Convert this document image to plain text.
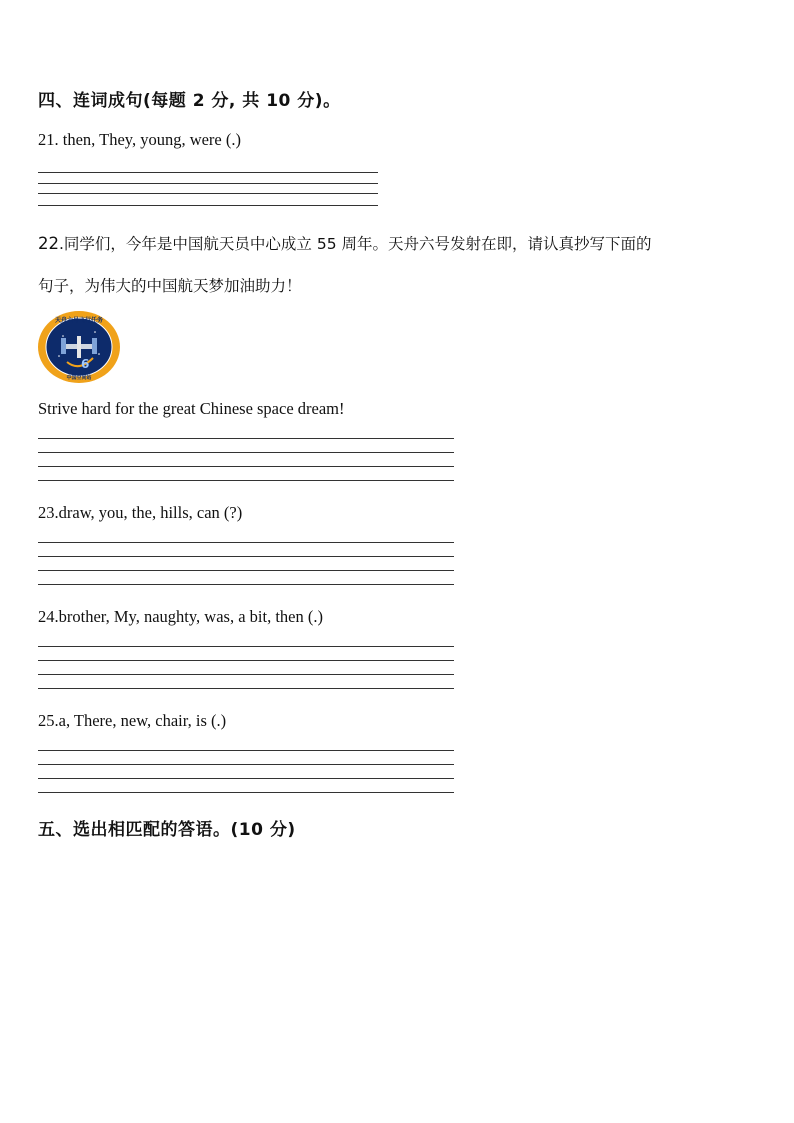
四、连词成句(每题 2 分, 共 10 分)。
21. then, They, young, were (.)
22.同学们，今年是中国航天员中心成立 55 周年。天舟六号发射在即，请认真抄写下面的
句子，为伟大的中国航天梦加油助力！
6
天舟六号飞行任务
中国空间站
Strive hard for the great Chinese space dream!
23.draw, you, the, hills, can (?)
24.brother, My, naughty, was, a bit, then (.)
25.a, There, new, chair, is (.)
五、选出相匹配的答语。(10 分)
